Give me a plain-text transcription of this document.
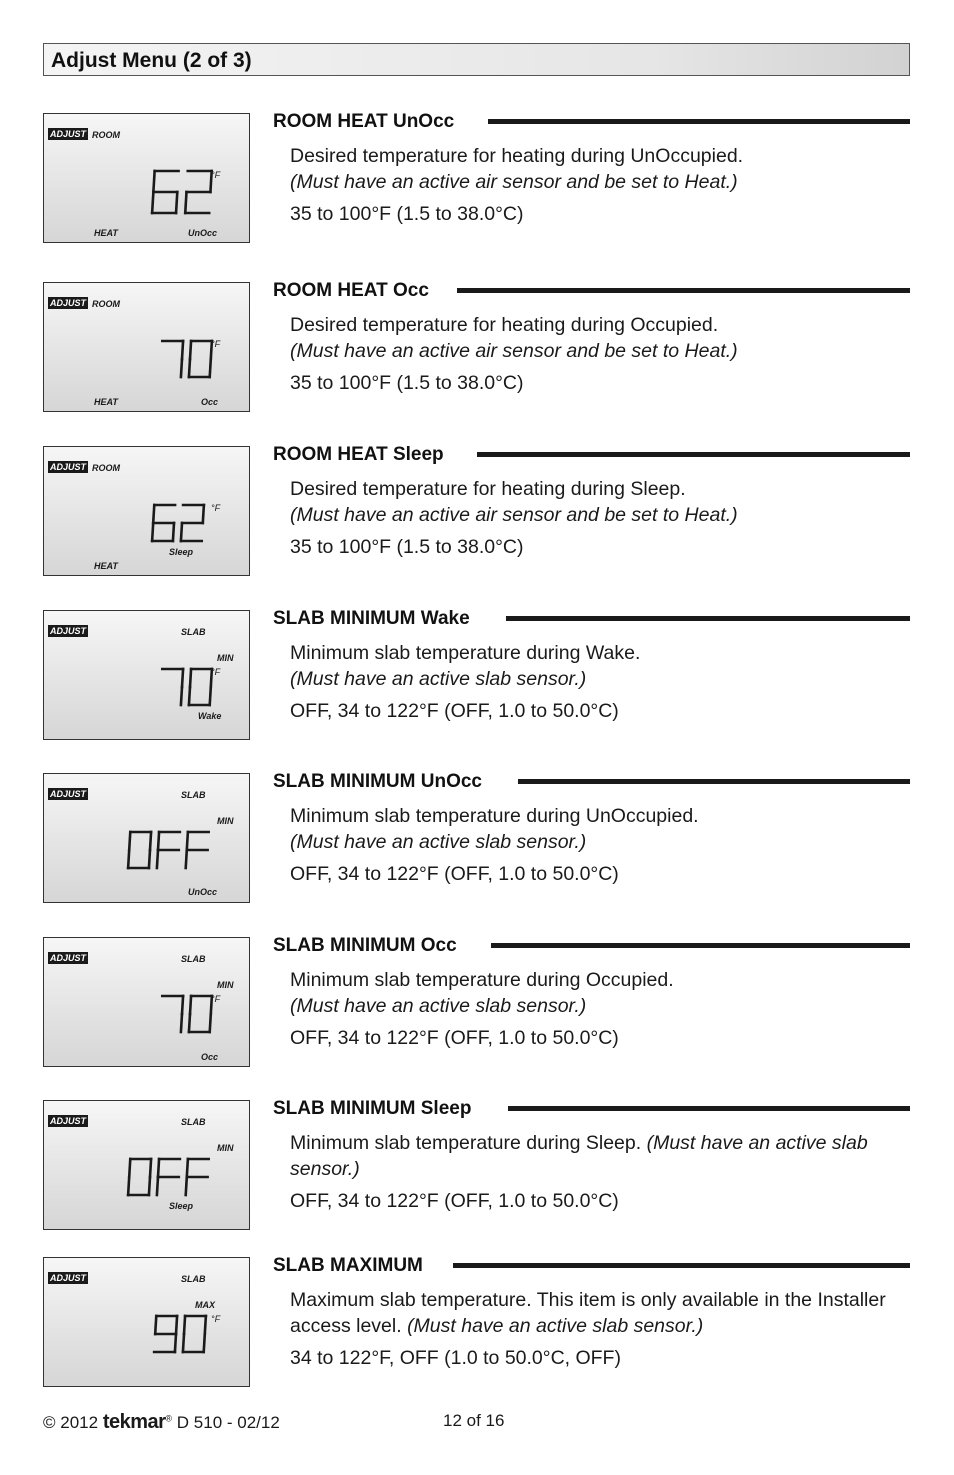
Adjust Menu (2 of 3)
ADJUST ROOM
°F
HEAT	UnOcc
ROOM HEAT UnOcc
Desired temperature for heating during UnOccupied.
(Must have an active air sensor and be set to Heat.)
35 to 100°F (1.5 to 38.0°C)
ADJUST ROOM
°F
HEAT	Occ
ROOM HEAT Occ
Desired temperature for heating during Occupied.
(Must have an active air sensor and be set to Heat.)
35 to 100°F (1.5 to 38.0°C)
ADJUST ROOM
°F
Sleep
HEAT
ROOM HEAT Sleep
Desired temperature for heating during Sleep.
(Must have an active air sensor and be set to Heat.)
35 to 100°F (1.5 to 38.0°C)
ADJUST	SLAB
MIN
°F
Wake
SLAB MINIMUM Wake
Minimum slab temperature during Wake.
(Must have an active slab sensor.)
OFF, 34 to 122°F (OFF, 1.0 to 50.0°C)
ADJUST	SLAB
MIN
UnOcc
SLAB MINIMUM UnOcc
Minimum slab temperature during UnOccupied.
(Must have an active slab sensor.)
OFF, 34 to 122°F (OFF, 1.0 to 50.0°C)
ADJUST	SLAB
MIN
°F
Occ
SLAB MINIMUM Occ
Minimum slab temperature during Occupied.
(Must have an active slab sensor.)
OFF, 34 to 122°F (OFF, 1.0 to 50.0°C)
ADJUST	SLAB
MIN
Sleep
SLAB MINIMUM Sleep
Minimum slab temperature during Sleep. (Must have an active slab sensor.)
OFF, 34 to 122°F (OFF, 1.0 to 50.0°C)
ADJUST	SLAB
MAX
°F
SLAB MAXIMUM
Maximum slab temperature. This item is only available in the Installer access level. (Must have an active slab sensor.)
34 to 122°F, OFF (1.0 to 50.0°C, OFF)
© 2012 tekmar® D 510 - 02/12	12 of 16
